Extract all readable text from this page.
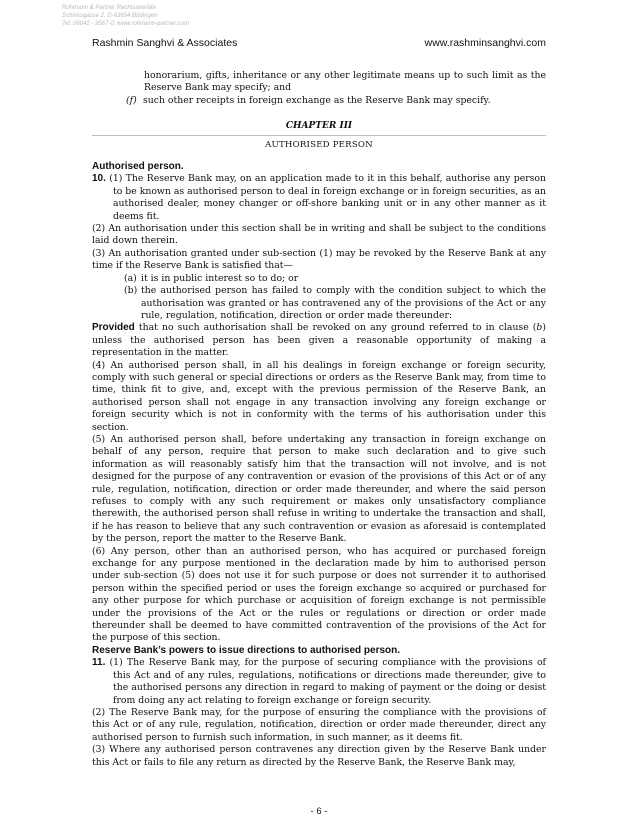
Rohmann & Partner Rechtsanwälte
Schlossgasse 2, D-63654 Büdingen
Tel. 06042 - 9567-0; www.rohmann-partner.com
Rashmin Sanghvi & Associates	www.rashminsanghvi.com

honorarium, gifts, inheritance or any other legitimate means up to such limit as the Reserve Bank may specify; and

(f) such other receipts in foreign exchange as the Reserve Bank may specify.
CHAPTER III
AUTHORISED PERSON
Authorised person.

10. (1) The Reserve Bank may, on an application made to it in this behalf, authorise any person to be known as authorised person to deal in foreign exchange or in foreign securities, as an authorised dealer, money changer or off-shore banking unit or in any other manner as it deems fit.

(2) An authorisation under this section shall be in writing and shall be subject to the conditions laid down therein.

(3) An authorisation granted under sub-section (1) may be revoked by the Reserve Bank at any time if the Reserve Bank is satisfied that—

(a) it is in public interest so to do; or
(b) the authorised person has failed to comply with the condition subject to which the authorisation was granted or has contravened any of the provisions of the Act or any rule, regulation, notification, direction or order made thereunder:

Provided that no such authorisation shall be revoked on any ground referred to in clause (b) unless the authorised person has been given a reasonable opportunity of making a representation in the matter.

(4) An authorised person shall, in all his dealings in foreign exchange or foreign security, comply with such general or special directions or orders as the Reserve Bank may, from time to time, think fit to give, and, except with the previous permission of the Reserve Bank, an authorised person shall not engage in any transaction involving any foreign exchange or foreign security which is not in conformity with the terms of his authorisation under this section.

(5) An authorised person shall, before undertaking any transaction in foreign exchange on behalf of any person, require that person to make such declaration and to give such information as will reasonably satisfy him that the transaction will not involve, and is not designed for the purpose of any contravention or evasion of the provisions of this Act or of any rule, regulation, notification, direction or order made thereunder, and where the said person refuses to comply with any such requirement or makes only unsatisfactory compliance therewith, the authorised person shall refuse in writing to undertake the transaction and shall, if he has reason to believe that any such contravention or evasion as aforesaid is contemplated by the person, report the matter to the Reserve Bank.

(6) Any person, other than an authorised person, who has acquired or purchased foreign exchange for any purpose mentioned in the declaration made by him to authorised person under sub-section (5) does not use it for such purpose or does not surrender it to authorised person within the specified period or uses the foreign exchange so acquired or purchased for any other purpose for which purchase or acquisition of foreign exchange is not permissible under the provisions of the Act or the rules or regulations or direction or order made thereunder shall be deemed to have committed contravention of the provisions of the Act for the purpose of this section.

Reserve Bank’s powers to issue directions to authorised person.

11. (1) The Reserve Bank may, for the purpose of securing compliance with the provisions of this Act and of any rules, regulations, notifications or directions made thereunder, give to the authorised persons any direction in regard to making of payment or the doing or desist from doing any act relating to foreign exchange or foreign security.

(2) The Reserve Bank may, for the purpose of ensuring the compliance with the provisions of this Act or of any rule, regulation, notification, direction or order made thereunder, direct any authorised person to furnish such information, in such manner, as it deems fit.

(3) Where any authorised person contravenes any direction given by the Reserve Bank under this Act or fails to file any return as directed by the Reserve Bank, the Reserve Bank may,

- 6 -
